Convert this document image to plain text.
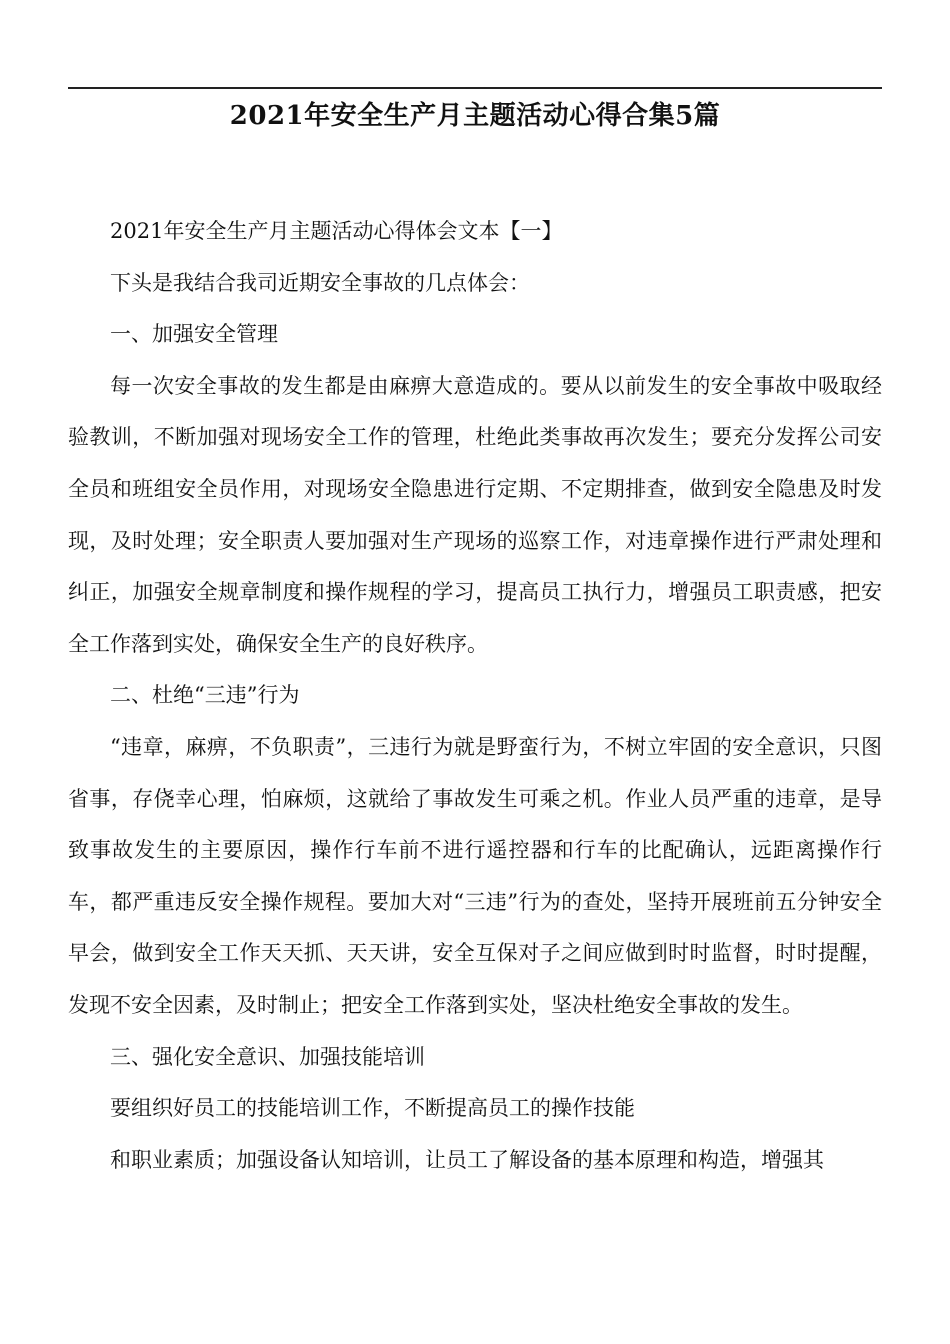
2021年安全生产月主题活动心得合集5篇

2021年安全生产月主题活动心得体会文本【一】

下头是我结合我司近期安全事故的几点体会：

一、加强安全管理

每一次安全事故的发生都是由麻痹大意造成的。要从以前发生的安全事故中吸取经验教训，不断加强对现场安全工作的管理，杜绝此类事故再次发生；要充分发挥公司安全员和班组安全员作用，对现场安全隐患进行定期、不定期排查，做到安全隐患及时发现，及时处理；安全职责人要加强对生产现场的巡察工作，对违章操作进行严肃处理和纠正，加强安全规章制度和操作规程的学习，提高员工执行力，增强员工职责感，把安全工作落到实处，确保安全生产的良好秩序。

二、杜绝“三违”行为

“违章，麻痹，不负职责”，三违行为就是野蛮行为，不树立牢固的安全意识，只图省事，存侥幸心理，怕麻烦，这就给了事故发生可乘之机。作业人员严重的违章，是导致事故发生的主要原因，操作行车前不进行遥控器和行车的比配确认，远距离操作行车，都严重违反安全操作规程。要加大对“三违”行为的查处，坚持开展班前五分钟安全早会，做到安全工作天天抓、天天讲，安全互保对子之间应做到时时监督，时时提醒，发现不安全因素，及时制止；把安全工作落到实处，坚决杜绝安全事故的发生。

三、强化安全意识、加强技能培训

要组织好员工的技能培训工作，不断提高员工的操作技能

和职业素质；加强设备认知培训，让员工了解设备的基本原理和构造，增强其
